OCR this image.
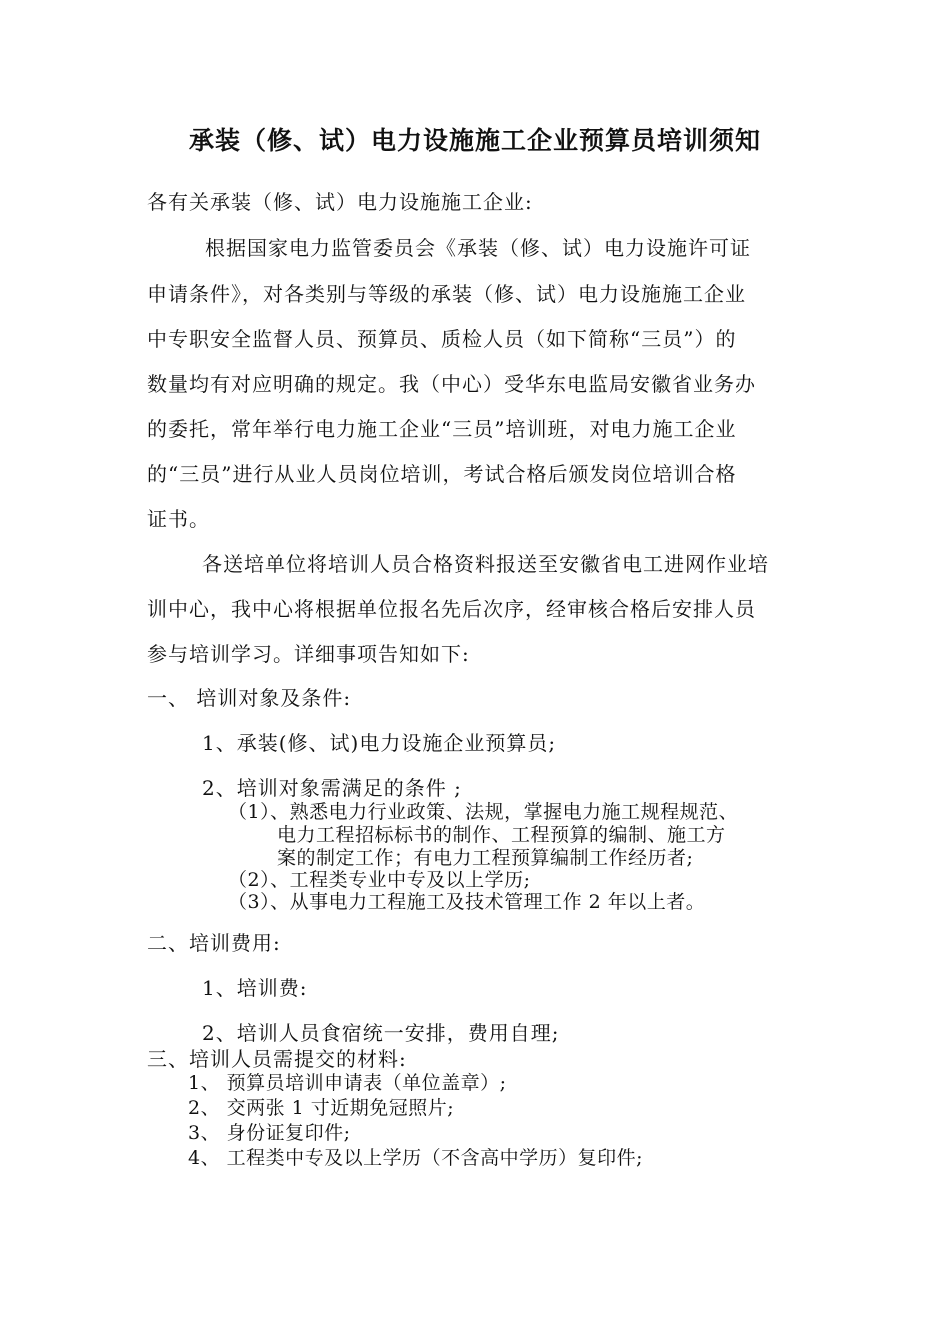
承装（修、试）电力设施施工企业预算员培训须知
各有关承装（修、试）电力设施施工企业:
根据国家电力监管委员会《承装（修、试）电力设施许可证
申请条件》，对各类别与等级的承装（修、试）电力设施施工企业
中专职安全监督人员、预算员、质检人员（如下简称“三员”）的
数量均有对应明确的规定。我（中心）受华东电监局安徽省业务办
的委托，常年举行电力施工企业“三员”培训班，对电力施工企业
的“三员”进行从业人员岗位培训，考试合格后颁发岗位培训合格
证书。
各送培单位将培训人员合格资料报送至安徽省电工进网作业培
训中心，我中心将根据单位报名先后次序，经审核合格后安排人员
参与培训学习。详细事项告知如下:
一、 培训对象及条件:
1、承装(修、试)电力设施企业预算员;
2、培训对象需满足的条件 ;
（1）、熟悉电力行业政策、法规，掌握电力施工规程规范、
电力工程招标标书的制作、工程预算的编制、施工方
案的制定工作；有电力工程预算编制工作经历者;
（2）、工程类专业中专及以上学历;
（3）、从事电力工程施工及技术管理工作 2 年以上者。
二、培训费用:
1、培训费:
2、培训人员食宿统一安排，费用自理;
三、培训人员需提交的材料:
1、 预算员培训申请表（单位盖章）;
2、 交两张 1 寸近期免冠照片;
3、 身份证复印件;
4、 工程类中专及以上学历（不含高中学历）复印件;
